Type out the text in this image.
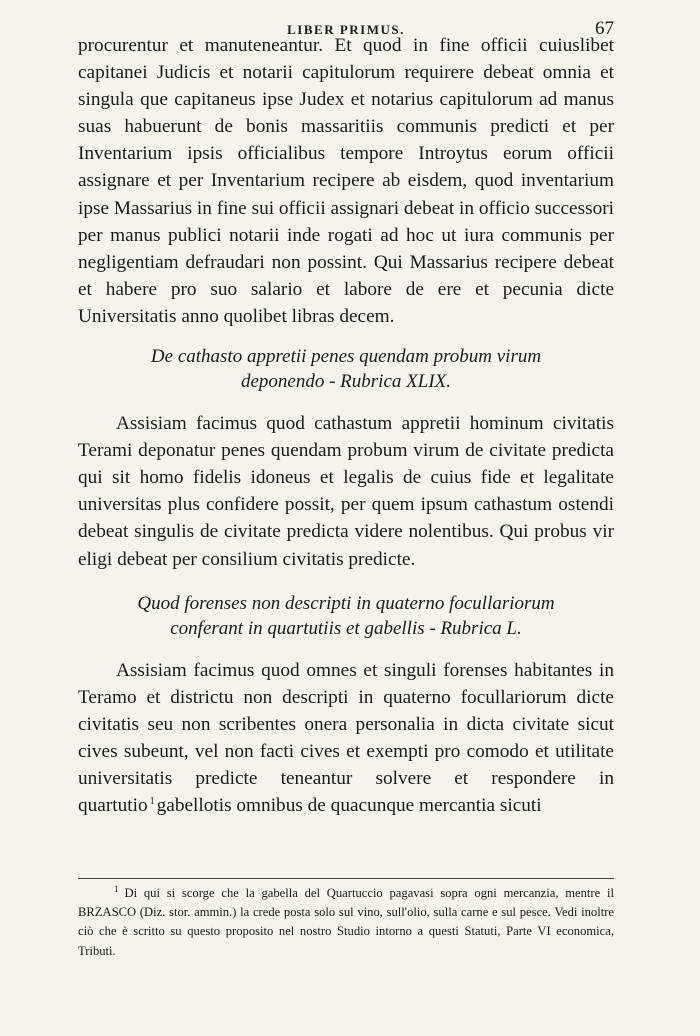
LIBER PRIMUS.	67

procurentur et manuteneantur. Et quod in fine officii cuiuslibet capitanei Judicis et notarii capitulorum requirere debeat omnia et singula que capitaneus ipse Judex et notarius capitulorum ad manus suas habuerunt de bonis massaritiis communis predicti et per Inventarium ipsis officialibus tempore Introytus eorum officii assignare et per Inventarium recipere ab eisdem, quod inventarium ipse Massarius in fine sui officii assignari debeat in officio successori per manus publici notarii inde rogati ad hoc ut iura communis per negligentiam defraudari non possint. Qui Massarius recipere debeat et habere pro suo salario et labore de ere et pecunia dicte Universitatis anno quolibet libras decem.

De cathasto appretii penes quendam probum virum
deponendo - Rubrica XLIX.

Assisiam facimus quod cathastum appretii hominum civitatis Terami deponatur penes quendam probum virum de civitate predicta qui sit homo fidelis idoneus et legalis de cuius fide et legalitate universitas plus confidere possit, per quem ipsum cathastum ostendi debeat singulis de civitate predicta videre nolentibus. Qui probus vir eligi debeat per consilium civitatis predicte.

Quod forenses non descripti in quaterno focullariorum
conferant in quartutiis et gabellis - Rubrica L.

Assisiam facimus quod omnes et singuli forenses habitantes in Teramo et districtu non descripti in quaterno focullariorum dicte civitatis seu non scribentes onera personalia in dicta civitate sicut cives subeunt, vel non facti cives et exempti pro comodo et utilitate universitatis predicte teneantur solvere et respondere in quartutio $^1$ gabellotis omnibus de quacunque mercantia sicuti

$^1$ Di qui si scorge che la gabella del Quartuccio pagavasi sopra ogni mercanzia, mentre il BRZASCO (Diz. stor. ammin.) la crede posta solo sul vino, sull'olio, sulla carne e sul pesce. Vedi inoltre ciò che è scritto su questo proposito nel nostro Studio intorno a questi Statuti, Parte VI economica, Tributi.
